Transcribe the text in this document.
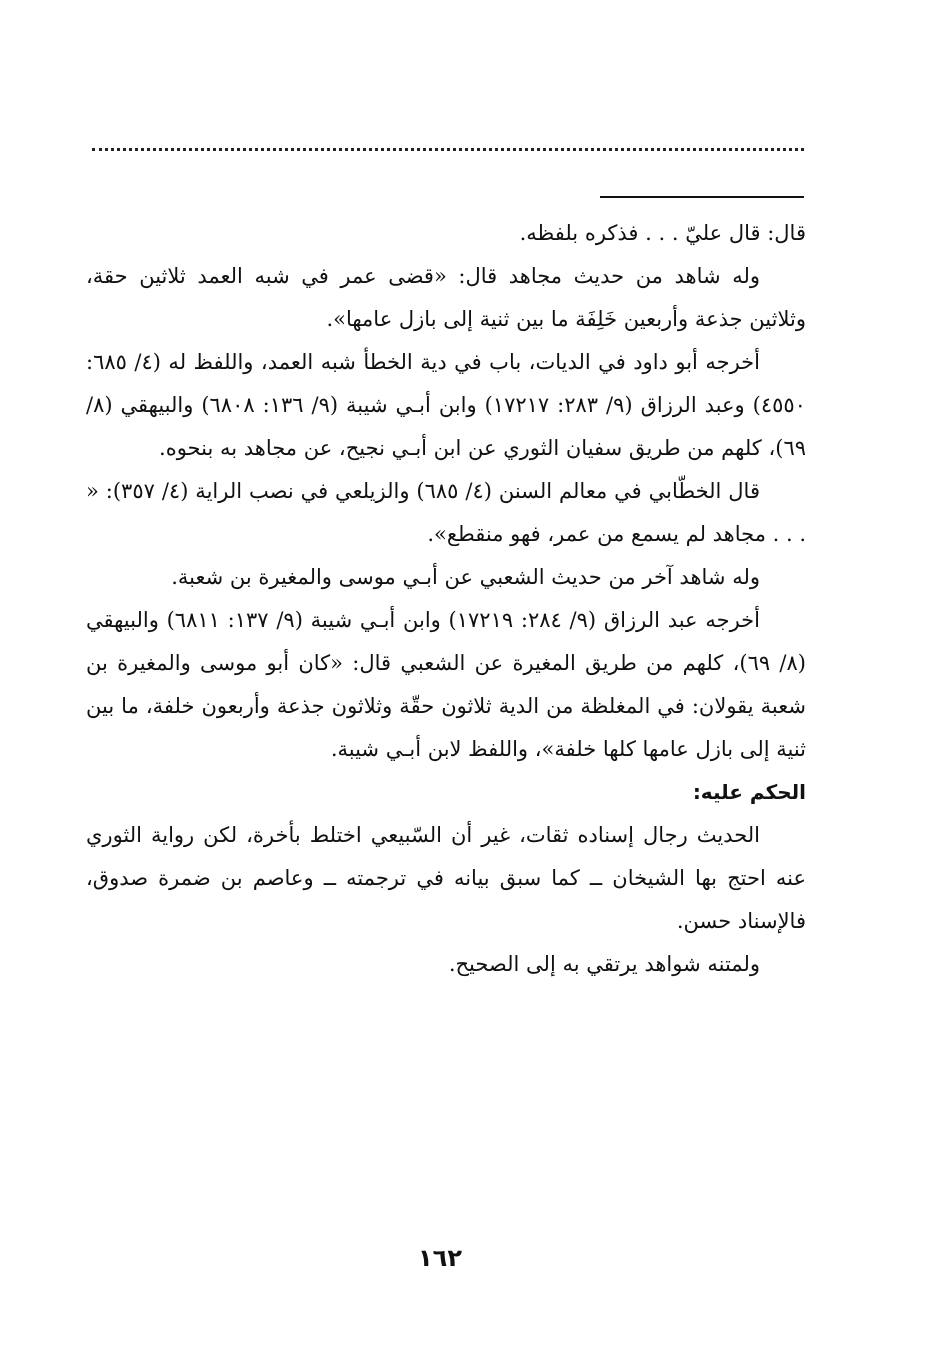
قال: قال عليّ . . . فذكره بلفظه.

وله شاهد من حديث مجاهد قال: «قضى عمر في شبه العمد ثلاثين حقة، وثلاثين جذعة وأربعين خَلِفَة ما بين ثنية إلى بازل عامها».

أخرجه أبو داود في الديات، باب في دية الخطأ شبه العمد، واللفظ له (٤/ ٦٨٥: ٤٥٥٠) وعبد الرزاق (٩/ ٢٨٣: ١٧٢١٧) وابن أبـي شيبة (٩/ ١٣٦: ٦٨٠٨) والبيهقي (٨/ ٦٩)، كلهم من طريق سفيان الثوري عن ابن أبـي نجيح، عن مجاهد به بنحوه.

قال الخطّابي في معالم السنن (٤/ ٦٨٥) والزيلعي في نصب الراية (٤/ ٣٥٧): « . . . مجاهد لم يسمع من عمر، فهو منقطع».

وله شاهد آخر من حديث الشعبي عن أبـي موسى والمغيرة بن شعبة.

أخرجه عبد الرزاق (٩/ ٢٨٤: ١٧٢١٩) وابن أبـي شيبة (٩/ ١٣٧: ٦٨١١) والبيهقي (٨/ ٦٩)، كلهم من طريق المغيرة عن الشعبي قال: «كان أبو موسى والمغيرة بن شعبة يقولان: في المغلظة من الدية ثلاثون حقّة وثلاثون جذعة وأربعون خلفة، ما بين ثنية إلى بازل عامها كلها خلفة»، واللفظ لابن أبـي شيبة.

الحكم عليه:

الحديث رجال إسناده ثقات، غير أن السّبيعي اختلط بأخرة، لكن رواية الثوري عنه احتج بها الشيخان ــ كما سبق بيانه في ترجمته ــ وعاصم بن ضمرة صدوق، فالإسناد حسن.

ولمتنه شواهد يرتقي به إلى الصحيح.

١٦٢
